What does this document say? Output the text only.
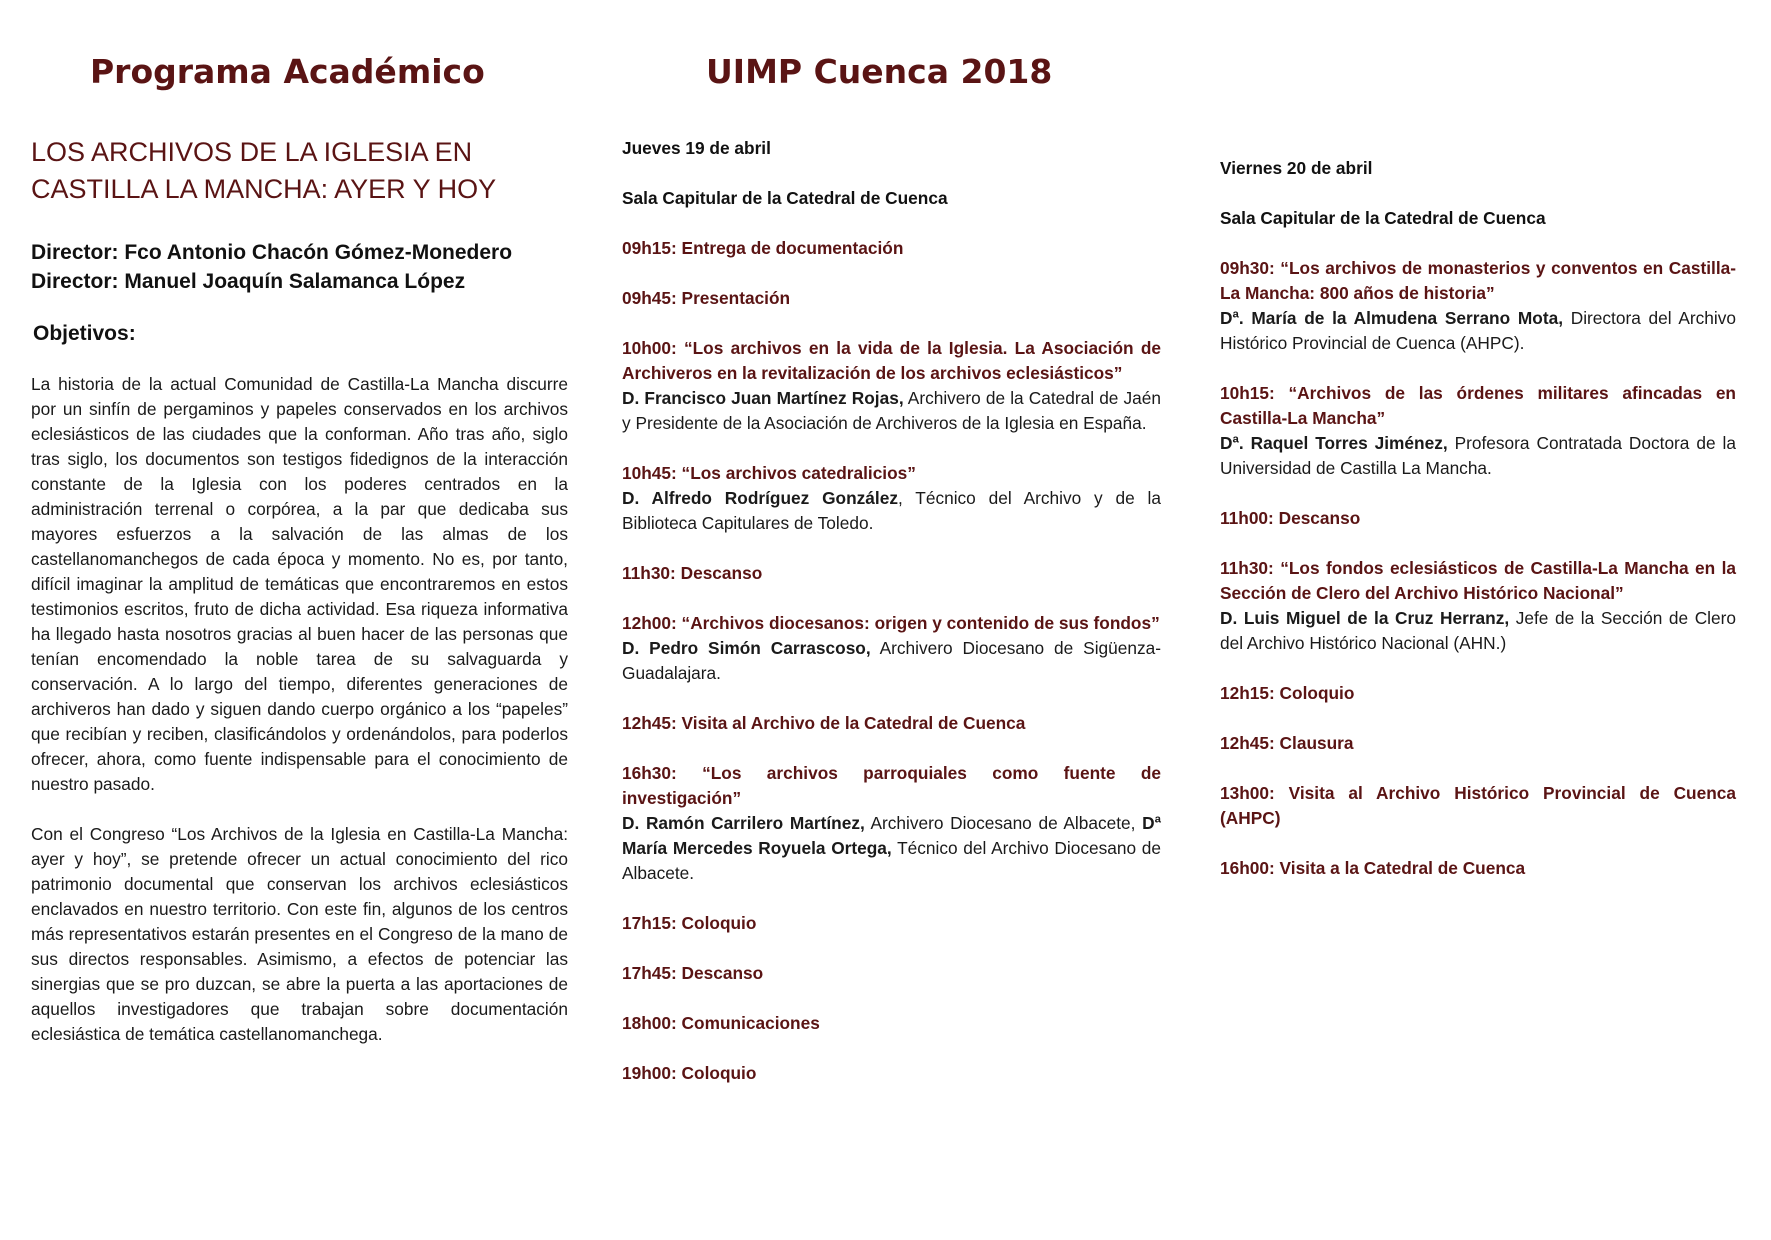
Programa Académico	UIMP Cuenca 2018
LOS ARCHIVOS DE LA IGLESIA EN
CASTILLA LA MANCHA: AYER Y HOY
Director: Fco Antonio Chacón Gómez-Monedero
Director: Manuel Joaquín Salamanca López
Objetivos:

La historia de la actual Comunidad de Castilla-La Mancha discurre por un sinfín de pergaminos y papeles conservados en los archivos eclesiásticos de las ciudades que la conforman. Año tras año, siglo tras siglo, los documentos son testigos fidedignos de la interacción constante de la Iglesia con los poderes centrados en la administración terrenal o corpórea, a la par que dedicaba sus mayores esfuerzos a la salvación de las almas de los castellanomanchegos de cada época y momento. No es, por tanto, difícil imaginar la amplitud de temáticas que encontraremos en estos testimonios escritos, fruto de dicha actividad. Esa riqueza informativa ha llegado hasta nosotros gracias al buen hacer de las personas que tenían encomendado la noble tarea de su salvaguarda y conservación. A lo largo del tiempo, diferentes generaciones de archiveros han dado y siguen dando cuerpo orgánico a los “papeles” que recibían y reciben, clasificándolos y ordenándolos, para poderlos ofrecer, ahora, como fuente indispensable para el conocimiento de nuestro pasado.

Con el Congreso “Los Archivos de la Iglesia en Castilla-La Mancha: ayer y hoy”, se pretende ofrecer un actual conocimiento del rico patrimonio documental que conservan los archivos eclesiásticos enclavados en nuestro territorio. Con este fin, algunos de los centros más representativos estarán presentes en el Congreso de la mano de sus directos responsables. Asimismo, a efectos de potenciar las sinergias que se pro duzcan, se abre la puerta a las aportaciones de aquellos investigadores que trabajan sobre documentación eclesiástica de temática castellanomanchega.

Jueves 19 de abril

Sala Capitular de la Catedral de Cuenca

09h15: Entrega de documentación
09h45: Presentación
10h00: “Los archivos en la vida de la Iglesia. La Asociación de Archiveros en la revitalización de los archivos eclesiásticos”
D. Francisco Juan Martínez Rojas, Archivero de la Catedral de Jaén y Presidente de la Asociación de Archiveros de la Iglesia en España.
10h45: “Los archivos catedralicios”
D. Alfredo Rodríguez González, Técnico del Archivo y de la Biblioteca Capitulares de Toledo.
11h30: Descanso
12h00: “Archivos diocesanos: origen y contenido de sus fondos”
D. Pedro Simón Carrascoso, Archivero Diocesano de Sigüenza-Guadalajara.
12h45: Visita al Archivo de la Catedral de Cuenca
16h30: “Los archivos parroquiales como fuente de investigación”
D. Ramón Carrilero Martínez, Archivero Diocesano de Albacete, Dª María Mercedes Royuela Ortega, Técnico del Archivo Diocesano de Albacete.
17h15: Coloquio
17h45: Descanso
18h00: Comunicaciones
19h00: Coloquio

Viernes 20 de abril

Sala Capitular de la Catedral de Cuenca

09h30: “Los archivos de monasterios y conventos en Castilla-La Mancha: 800 años de historia”
Dª. María de la Almudena Serrano Mota, Directora del Archivo Histórico Provincial de Cuenca (AHPC).
10h15: “Archivos de las órdenes militares afincadas en Castilla-La Mancha”
Dª. Raquel Torres Jiménez, Profesora Contratada Doctora de la Universidad de Castilla La Mancha.
11h00: Descanso
11h30: “Los fondos eclesiásticos de Castilla-La Mancha en la Sección de Clero del Archivo Histórico Nacional”
D. Luis Miguel de la Cruz Herranz, Jefe de la Sección de Clero del Archivo Histórico Nacional (AHN.)
12h15: Coloquio
12h45: Clausura
13h00: Visita al Archivo Histórico Provincial de Cuenca (AHPC)
16h00: Visita a la Catedral de Cuenca
